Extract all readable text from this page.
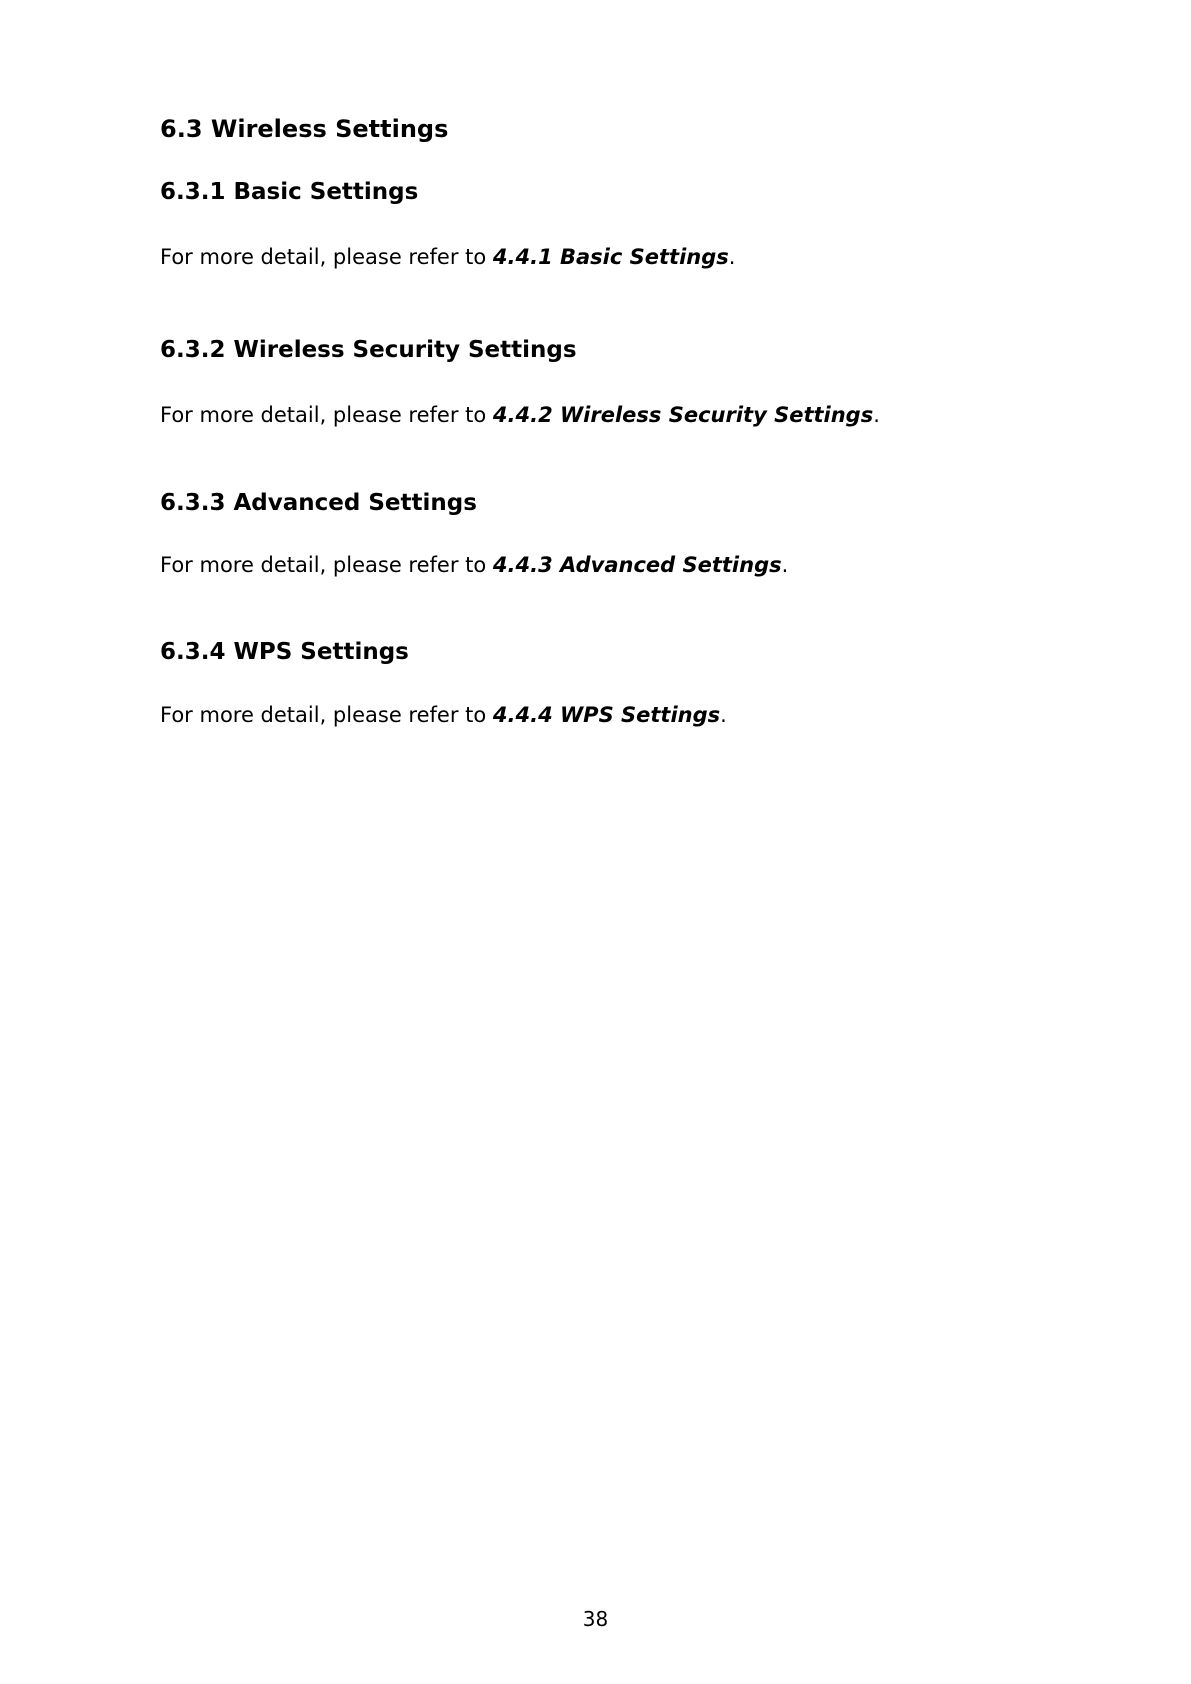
6.3 Wireless Settings
6.3.1 Basic Settings

For more detail, please refer to 4.4.1 Basic Settings.

6.3.2 Wireless Security Settings

For more detail, please refer to 4.4.2 Wireless Security Settings.

6.3.3 Advanced Settings

For more detail, please refer to 4.4.3 Advanced Settings.

6.3.4 WPS Settings

For more detail, please refer to 4.4.4 WPS Settings.

38
